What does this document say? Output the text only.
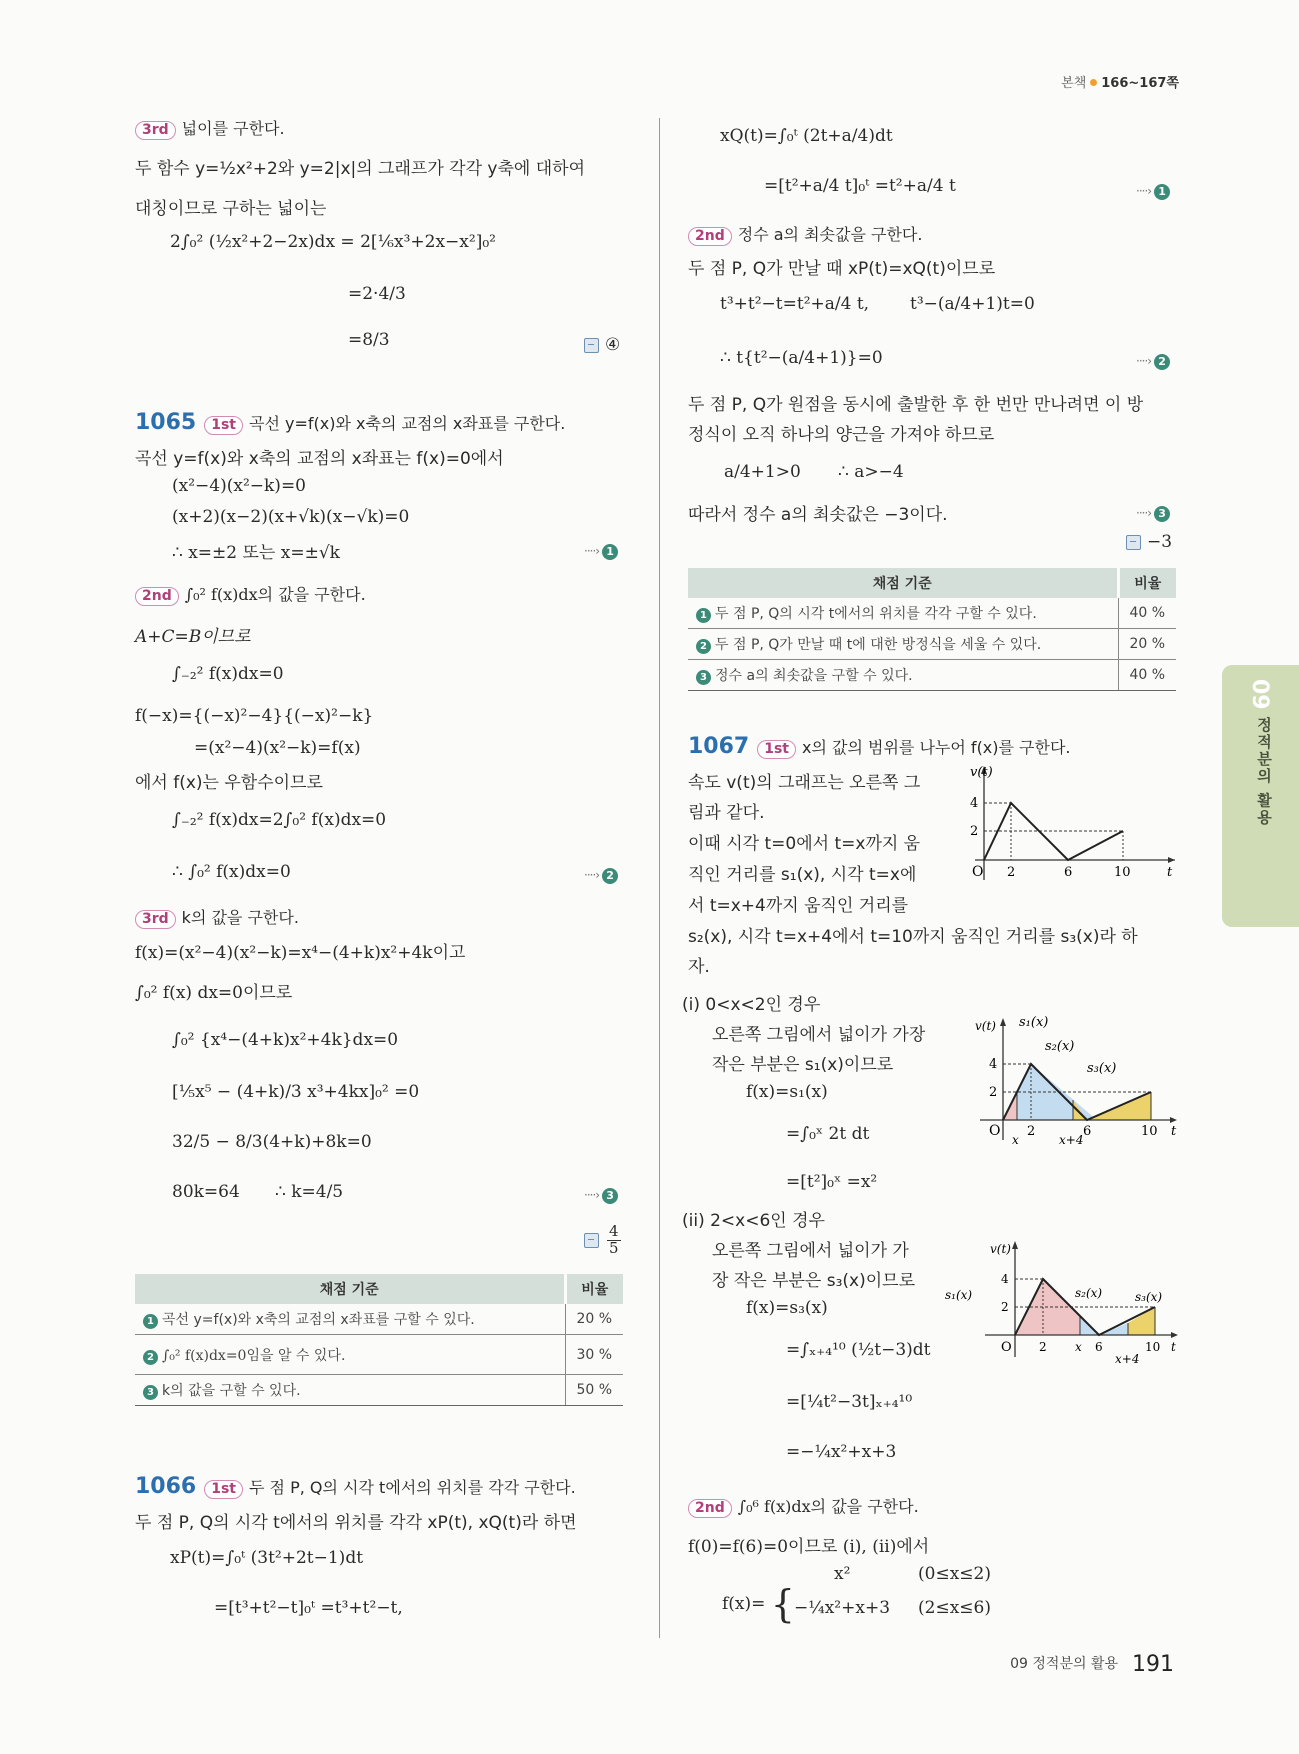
본책 166~167쪽
3rd 넓이를 구한다.
두 함수 y=½x²+2와 y=2|x|의 그래프가 각각 y축에 대하여
대칭이므로 구하는 넓이는
2∫₀² (½x²+2−2x)dx = 2[⅙x³+2x−x²]₀²
=2·4/3
=8/3	④
1065 1st 곡선 y=f(x)와 x축의 교점의 x좌표를 구한다.
곡선 y=f(x)와 x축의 교점의 x좌표는 f(x)=0에서
(x²−4)(x²−k)=0
(x+2)(x−2)(x+√k)(x−√k)=0
∴ x=±2 또는 x=±√k	····› 1
2nd ∫₀² f(x)dx의 값을 구한다.
A+C=B이므로
∫₋₂² f(x)dx=0
f(−x)={(−x)²−4}{(−x)²−k}
=(x²−4)(x²−k)=f(x)
에서 f(x)는 우함수이므로
∫₋₂² f(x)dx=2∫₀² f(x)dx=0
∴ ∫₀² f(x)dx=0	····› 2
3rd k의 값을 구한다.
f(x)=(x²−4)(x²−k)=x⁴−(4+k)x²+4k이고
∫₀² f(x) dx=0이므로
∫₀² {x⁴−(4+k)x²+4k}dx=0
[⅕x⁵ − (4+k)/3 x³+4kx]₀² =0
32/5 − 8/3(4+k)+8k=0
80k=64 ∴ k=4/5	····› 3
$\frac{4}{5}$
채점 기준	비율
1 곡선 y=f(x)와 x축의 교점의 x좌표를 구할 수 있다.	20 %
2 ∫₀² f(x)dx=0임을 알 수 있다.	30 %
3 k의 값을 구할 수 있다.	50 %
1066 1st 두 점 P, Q의 시각 t에서의 위치를 각각 구한다.
두 점 P, Q의 시각 t에서의 위치를 각각 xP(t), xQ(t)라 하면
xP(t)=∫₀ᵗ (3t²+2t−1)dt
=[t³+t²−t]₀ᵗ =t³+t²−t,
xQ(t)=∫₀ᵗ (2t+a/4)dt
=[t²+a/4 t]₀ᵗ =t²+a/4 t	····› 1
2nd 정수 a의 최솟값을 구한다.
두 점 P, Q가 만날 때 xP(t)=xQ(t)이므로
t³+t²−t=t²+a/4 t, t³−(a/4+1)t=0
∴ t{t²−(a/4+1)}=0	····› 2
두 점 P, Q가 원점을 동시에 출발한 후 한 번만 만나려면 이 방
정식이 오직 하나의 양근을 가져야 하므로
a/4+1>0 ∴ a>−4
따라서 정수 a의 최솟값은 −3이다.	····› 3
−3
채점 기준	비율
1 두 점 P, Q의 시각 t에서의 위치를 각각 구할 수 있다.	40 %
2 두 점 P, Q가 만날 때 t에 대한 방정식을 세울 수 있다.	20 %
3 정수 a의 최솟값을 구할 수 있다.	40 %
1067 1st x의 값의 범위를 나누어 f(x)를 구한다.
속도 v(t)의 그래프는 오른쪽 그
림과 같다.
이때 시각 t=0에서 t=x까지 움
직인 거리를 s₁(x), 시각 t=x에
서 t=x+4까지 움직인 거리를
s₂(x), 시각 t=x+4에서 t=10까지 움직인 거리를 s₃(x)라 하
자.
v(t)
4
2
O 2	6	10	t
(i) 0<x<2인 경우
오른쪽 그림에서 넓이가 가장
작은 부분은 s₁(x)이므로
f(x)=s₁(x)
=∫₀ˣ 2t dt
=[t²]₀ˣ =x²
v(t) s₁(x)
s₂(x)
s₃(x)
4
2
O 2	6	10 t
x	x+4
(ii) 2<x<6인 경우
오른쪽 그림에서 넓이가 가
장 작은 부분은 s₃(x)이므로
f(x)=s₃(x)
=∫ₓ₊₄¹⁰ (½t−3)dt
=[¼t²−3t]ₓ₊₄¹⁰
=−¼x²+x+3
v(t)
s₁(x)	s₂(x)	s₃(x)
4
2
O 2 x 6	10 t
x+4
2nd ∫₀⁶ f(x)dx의 값을 구한다.
f(0)=f(6)=0이므로 (i), (ii)에서
f(x)= {
x²	(0≤x≤2)
−¼x²+x+3 (2≤x≤6)
09
정적분의 활용
09 정적분의 활용 191
